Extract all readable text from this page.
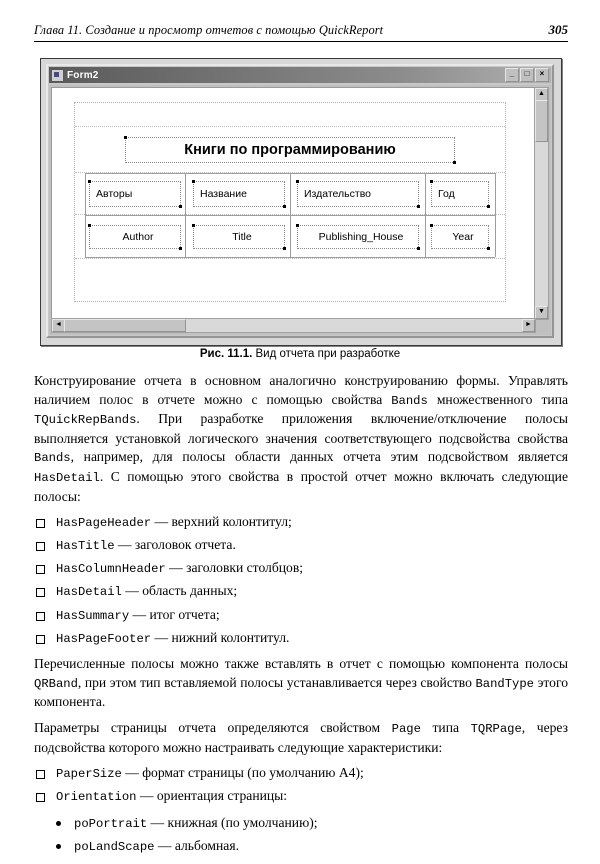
Глава 11. Создание и просмотр отчетов с помощью QuickReport	305
Form2	_	□	×
Книги по программированию
Авторы	Название	Издательство	Год
Author	Title	Publishing_House	Year
▲
▼
◄	►
Рис. 11.1. Вид отчета при разработке

Конструирование отчета в основном аналогично конструированию формы. Управлять наличием полос в отчете можно с помощью свойства Bands множественного типа TQuickRepBands. При разработке приложения включение/отключение полосы выполняется установкой логического значения соответствующего подсвойства свойства Bands, например, для полосы области данных отчета этим подсвойством является HasDetail. С помощью этого свойства в простой отчет можно включать следующие полосы:

HasPageHeader — верхний колонтитул;
HasTitle — заголовок отчета.
HasColumnHeader — заголовки столбцов;
HasDetail — область данных;
HasSummary — итог отчета;
HasPageFooter — нижний колонтитул.

Перечисленные полосы можно также вставлять в отчет с помощью компонента полосы QRBand, при этом тип вставляемой полосы устанавливается через свойство BandType этого компонента.

Параметры страницы отчета определяются свойством Page типа TQRPage, через подсвойства которого можно настраивать следующие характеристики:

PaperSize — формат страницы (по умолчанию А4);
Orientation — ориентация страницы:
poPortrait — книжная (по умолчанию);
poLandScape — альбомная.
